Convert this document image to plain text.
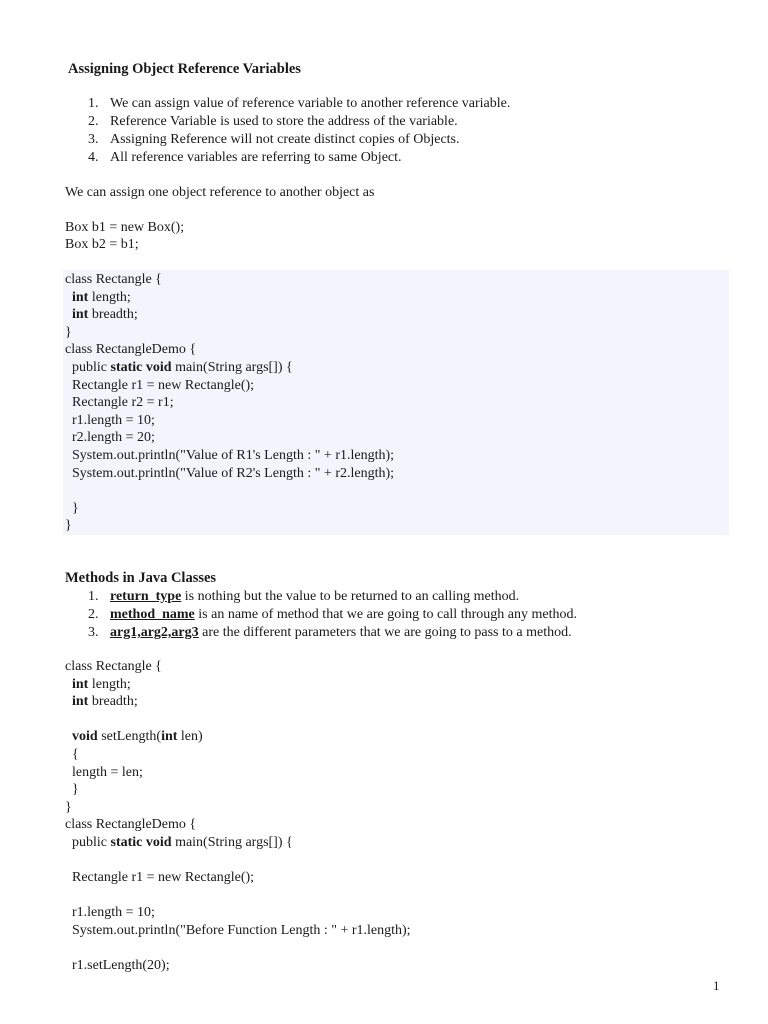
Assigning Object Reference Variables
1. We can assign value of reference variable to another reference variable.
2. Reference Variable is used to store the address of the variable.
3. Assigning Reference will not create distinct copies of Objects.
4. All reference variables are referring to same Object.
We can assign one object reference to another object as
Box b1 = new Box();
Box b2 = b1;
class Rectangle {
int length;
int breadth;
}
class RectangleDemo {
public static void main(String args[]) {
Rectangle r1 = new Rectangle();
Rectangle r2 = r1;
r1.length = 10;
r2.length = 20;
System.out.println("Value of R1's Length : " + r1.length);
System.out.println("Value of R2's Length : " + r2.length);
}
}
Methods in Java Classes
1. return_type is nothing but the value to be returned to an calling method.
2. method_name is an name of method that we are going to call through any method.
3. arg1,arg2,arg3 are the different parameters that we are going to pass to a method.
class Rectangle {
int length;
int breadth;
void setLength(int len)
{
length = len;
}
}
class RectangleDemo {
public static void main(String args[]) {
Rectangle r1 = new Rectangle();
r1.length = 10;
System.out.println("Before Function Length : " + r1.length);
r1.setLength(20);
1
